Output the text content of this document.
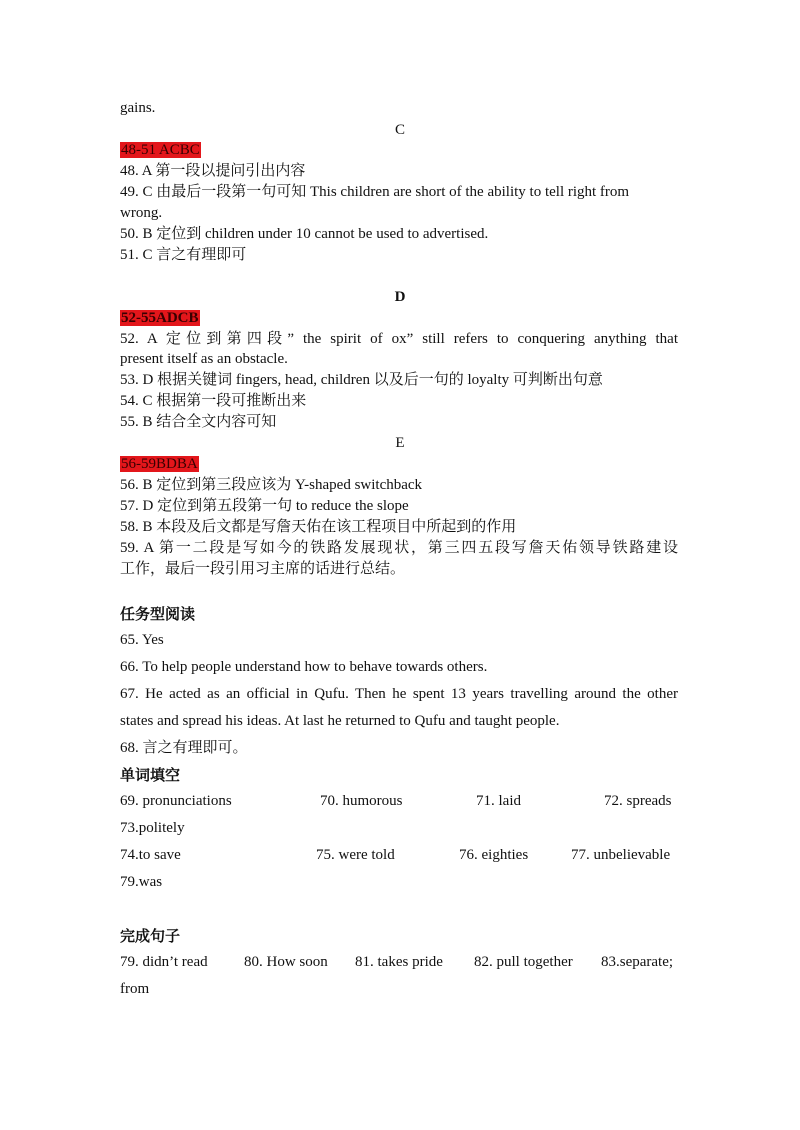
gains.
C
48-51 ACBC
48. A 第一段以提问引出内容
49. C 由最后一段第一句可知 This children are short of the ability to tell right from
wrong.
50. B 定位到 children under 10 cannot be used to advertised.
51. C 言之有理即可
D
52-55ADCB
52. A 定位到第四段” the spirit of ox” still refers to conquering anything that
present itself as an obstacle.
53. D 根据关键词 fingers, head, children 以及后一句的 loyalty 可判断出句意
54. C 根据第一段可推断出来
55. B 结合全文内容可知
E
56-59BDBA
56. B 定位到第三段应该为 Y-shaped switchback
57. D 定位到第五段第一句 to reduce the slope
58. B 本段及后文都是写詹天佑在该工程项目中所起到的作用
59. A 第一二段是写如今的铁路发展现状，第三四五段写詹天佑领导铁路建设
工作，最后一段引用习主席的话进行总结。
任务型阅读
65. Yes
66. To help people understand how to behave towards others.
67. He acted as an official in Qufu. Then he spent 13 years travelling around the other
states and spread his ideas. At last he returned to Qufu and taught people.
68. 言之有理即可。
单词填空
69. pronunciations	70. humorous	71. laid	72. spreads
73.politely
74.to save	75. were told	76. eighties	77. unbelievable
79.was
完成句子
79. didn’t read 80. How soon 81. takes pride 82. pull together 83.separate;
from
